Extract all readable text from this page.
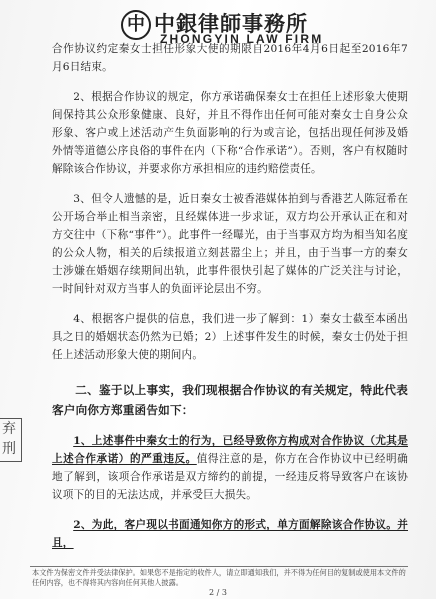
中 中銀律師事務所
ZHONGYIN LAW FIRM

合作协议约定秦女士担任形象大使的期限自2016年4月6日起至2016年7月6日结束。

2、根据合作协议的规定，你方承诺确保秦女士在担任上述形象大使期间保持其公众形象健康、良好，并且不得作出任何可能对秦女士自身公众形象、客户或上述活动产生负面影响的行为或言论，包括出现任何涉及婚外情等道德公序良俗的事件在内（下称“合作承诺”）。否则，客户有权随时解除该合作协议，并要求你方承担相应的违约赔偿责任。

3、但令人遗憾的是，近日秦女士被香港媒体拍到与香港艺人陈冠希在公开场合举止相当亲密，且经媒体进一步求证，双方均公开承认正在和对方交往中（下称“事件”）。此事件一经曝光，由于当事双方均为相当知名度的公众人物，相关的后续报道立刻甚嚣尘上；并且，由于当事一方的秦女士涉嫌在婚姻存续期间出轨，此事件很快引起了媒体的广泛关注与讨论，一时间针对双方当事人的负面评论层出不穷。

4、根据客户提供的信息，我们进一步了解到：1）秦女士截至本函出具之日的婚姻状态仍然为已婚；2）上述事件发生的时候，秦女士仍处于担任上述活动形象大使的期间内。

二、鉴于以上事实，我们现根据合作协议的有关规定，特此代表客户向你方郑重函告如下：

1、上述事件中秦女士的行为，已经导致你方构成对合作协议（尤其是上述合作承诺）的严重违反。值得注意的是，你方在合作协议中已经明确地了解到，该项合作承诺是双方缔约的前提，一经违反将导致客户在该协议项下的目的无法达成，并承受巨大损失。

2、为此，客户现以书面通知你方的形式，单方面解除该合作协议。并且，

弃刑
本文件为保密文件并受法律保护。如果您不是指定的收件人，请立即通知我们，并不得为任何目的复制或使用本文件的任何内容，也不得将其内容向任何其他人披露。
2 / 3
